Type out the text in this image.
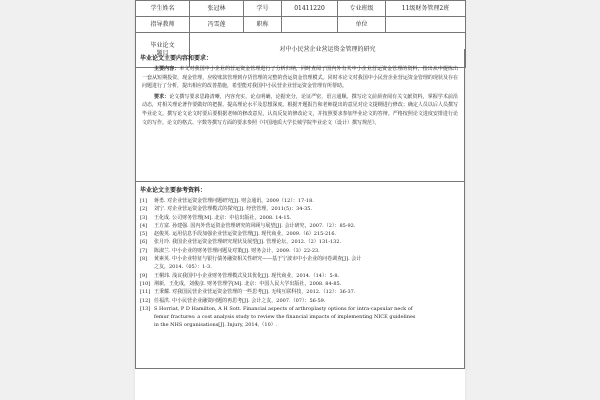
学生姓名	张冠林	学号	01411220	专业班级	11级财务管理2班
指导教师	冯雪莲	职称		单位	
毕业论文
题目	对中小民营企业营运资金管理的研究				
毕业论文主要内容和要求：
主要内容：本文对我国中小企业的营运资金管理进行了分析归纳，同时查阅了国内外有关中小企业营运资金管理的资料，指出从中提炼出一套从短期投资、现金管理，应收账款管理到存货管理的完整的营运资金管理模式。同时本论文对我国中小民营企业营运资金管理的现状及存在问题进行了分析，提出相应的改善措施，希望能对我国中小民营企业营运资金管理有所帮助。
要求：论文撰写要求思路清晰，内容充实，论点明确，论据充分，论证严密，语言通顺。撰写论文前须查阅有关文献资料，掌握学术前沿动态，对相关理论著作要做好的把握，提高理论水平及思想深度。根据开题报告和老师提出的意见对论文提纲进行修改；确定人员以后人员撰写毕业论文。撰写论文论文时要后要根据老师的修改意见，认真反复的修改论文，并按照要求参加毕业论文的答辩。严格按照论文进度安排进行论文的写作。论文的格式、字数等撰写方面的要求参照《中国地质大学长城学院毕业论文（设计）撰写规范》。
毕业论文主要参考资料：
[1]	蒋勇. 对企业营运资金管理问题研究[J]. 财会通讯，2009（12）：17-18.
[2]	刘宁. 对企业营运资金管理模式的探究[J]. 经营管理，2011(5)：34-35.
[3]	王化成. 公司财务管理[M]. 北京：中信出版社，2008. 14-15.
[4]	王方富. 孙建强. 国内外营运资金管理研究的回顾与展望[J]. 会计研究，2007.（2）：85-92.
[5]	赵俊英. 运用信息手段加强企业营运资金管理[J]. 现代商业，2009.（6）215-216.
[6]	张月玲. 我国企业营运资金管理研究现状及展望[J]. 管理论坛，2012.（2）131-132.
[7]	陈淑兰. 中小企业的财务管理问题及对策[J]. 财务会计，2009.（3）22-23.
[8]	黄素英. 中小企业特征与银行债务融资相关性研究——基于宁波市中小企业的问卷调查[J]. 会计
之友，2014.（05）：1-3.
[9]	王桐玮. 浅议我国中小企业财务管理模式及其优化[J]. 现代商业，2014.（14）：5-8.
[10] 荆新，王化成，刘俊彦. 财务管理学[M]. 北京：中国人民大学出版社，2008. 84-85.
[11] 王秉耀. 对我国民营企业营运资金管理的一些思考[J]. 无线互联科技，2012.（12）：36-37.
[12] 任福洪. 中小民营企业融资问题的再思考[J]. 会计之友，2007.（07）：56-59.
[13] S Horriat, P D Hamilton, A H Sott. Financial aspects of arthroplasty options for intra-capsular neck of
femur fractures: a cost analysis study to review the financial impacts of implementing NICE guidelines
in the NHS organisations[J]. Injury, 2014,（10）.
